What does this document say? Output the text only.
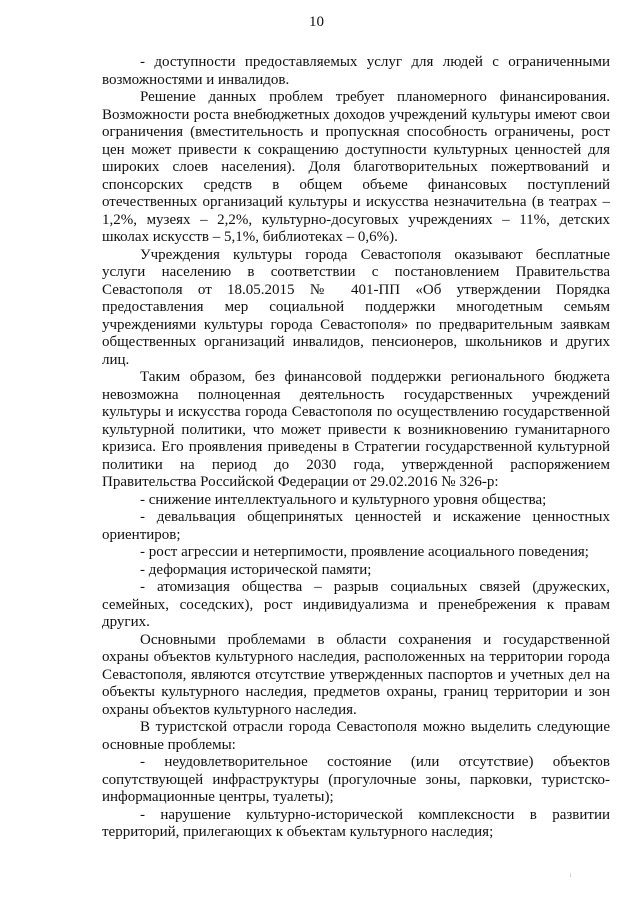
10

- доступности предоставляемых услуг для людей с ограниченными возможностями и инвалидов.

Решение данных проблем требует планомерного финансирования. Возможности роста внебюджетных доходов учреждений культуры имеют свои ограничения (вместительность и пропускная способность ограничены, рост цен может привести к сокращению доступности культурных ценностей для широких слоев населения). Доля благотворительных пожертвований и спонсорских средств в общем объеме финансовых поступлений отечественных организаций культуры и искусства незначительна (в театрах – 1,2%, музеях – 2,2%, культурно-досуговых учреждениях – 11%, детских школах искусств – 5,1%, библиотеках – 0,6%).

Учреждения культуры города Севастополя оказывают бесплатные услуги населению в соответствии с постановлением Правительства Севастополя от 18.05.2015 № 401-ПП «Об утверждении Порядка предоставления мер социальной поддержки многодетным семьям учреждениями культуры города Севастополя» по предварительным заявкам общественных организаций инвалидов, пенсионеров, школьников и других лиц.

Таким образом, без финансовой поддержки регионального бюджета невозможна полноценная деятельность государственных учреждений культуры и искусства города Севастополя по осуществлению государственной культурной политики, что может привести к возникновению гуманитарного кризиса. Его проявления приведены в Стратегии государственной культурной политики на период до 2030 года, утвержденной распоряжением Правительства Российской Федерации от 29.02.2016 № 326-р:

- снижение интеллектуального и культурного уровня общества;

- девальвация общепринятых ценностей и искажение ценностных ориентиров;

- рост агрессии и нетерпимости, проявление асоциального поведения;

- деформация исторической памяти;

- атомизация общества – разрыв социальных связей (дружеских, семейных, соседских), рост индивидуализма и пренебрежения к правам других.

Основными проблемами в области сохранения и государственной охраны объектов культурного наследия, расположенных на территории города Севастополя, являются отсутствие утвержденных паспортов и учетных дел на объекты культурного наследия, предметов охраны, границ территории и зон охраны объектов культурного наследия.

В туристской отрасли города Севастополя можно выделить следующие основные проблемы:

- неудовлетворительное состояние (или отсутствие) объектов сопутствующей инфраструктуры (прогулочные зоны, парковки, туристско-информационные центры, туалеты);

- нарушение культурно-исторической комплексности в развитии территорий, прилегающих к объектам культурного наследия;

ᵢ
